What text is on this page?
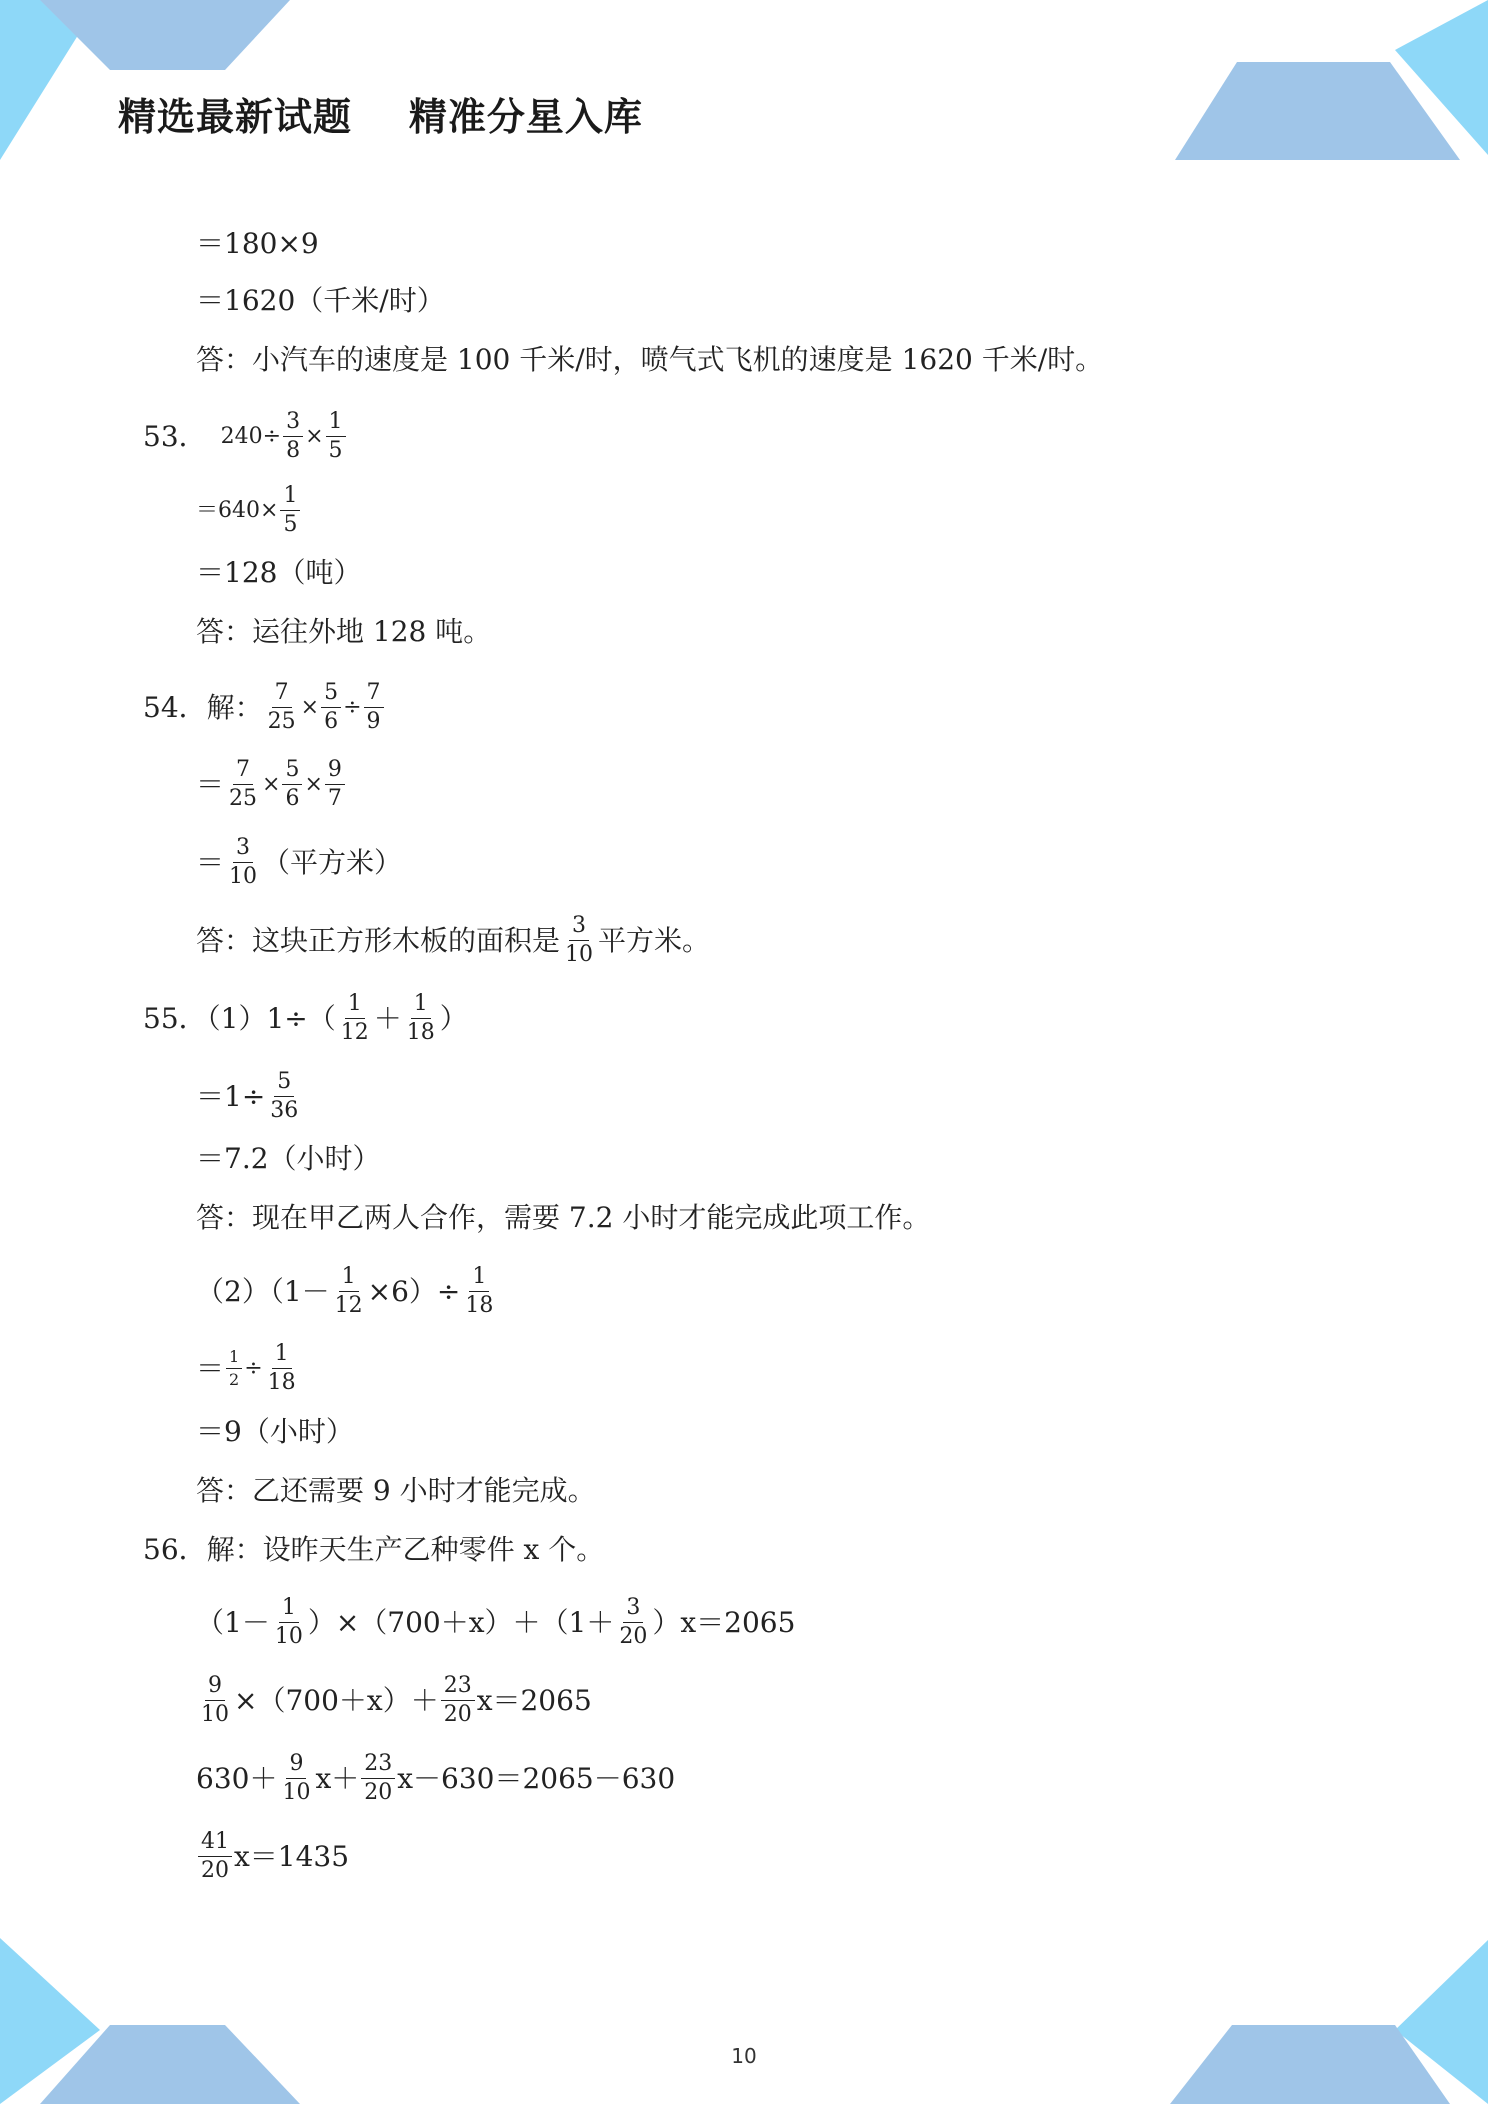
精选最新试题    精准分星入库
＝180×9
＝1620（千米/时）
答：小汽车的速度是 100 千米/时，喷气式飞机的速度是 1620 千米/时。
53． $240\div \frac{3}{8} \times \frac{1}{5}$
$=640\times \frac{1}{5}$
＝128（吨）
答：运往外地 128 吨。
54．解： $\frac{7}{25} \times \frac{5}{6} \div \frac{7}{9}$
＝ $\frac{7}{25} \times \frac{5}{6} \times \frac{9}{7}$
＝ $\frac{3}{10}$ （平方米）
答：这块正方形木板的面积是 $\frac{3}{10}$ 平方米。
55．$(1)1\div( \frac{1}{12} + \frac{1}{18}$ ）
$=1\div \frac{5}{36}$
＝7.2（小时）
答：现在甲乙两人合作，需要 7.2 小时才能完成此项工作。
$(2)(1- \frac{1}{12} \times 6)\div \frac{1}{18}$
＝ $\frac{1}{2} \div \frac{1}{18}$
＝9（小时）
答：乙还需要 9 小时才能完成。
56．解：设昨天生产乙种零件 x 个。
$(1- \frac{1}{10} )\times(700+x)+(1+ \frac{3}{20} )x=2065$
$\frac{9}{10} \times(700+x)+ \frac{23}{20} x=2065$
$630+ \frac{9}{10} x+ \frac{23}{20} x-630=2065-630$
$\frac{41}{20} x=1435$
10
